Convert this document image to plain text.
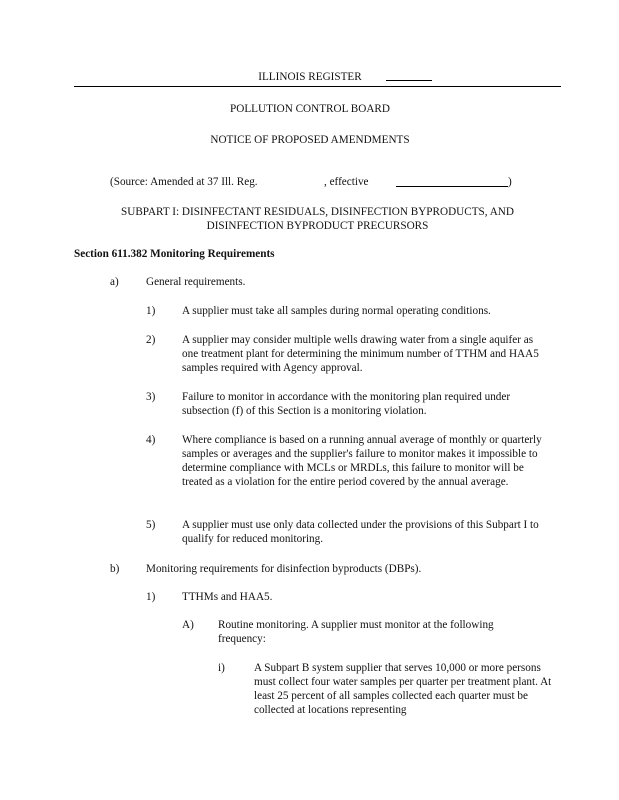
ILLINOIS REGISTER
POLLUTION CONTROL BOARD
NOTICE OF PROPOSED AMENDMENTS
(Source: Amended at 37 Ill. Reg.	, effective	)
SUBPART I: DISINFECTANT RESIDUALS, DISINFECTION BYPRODUCTS, AND
DISINFECTION BYPRODUCT PRECURSORS
Section 611.382 Monitoring Requirements
a) General requirements.
1) A supplier must take all samples during normal operating conditions.
2) A supplier may consider multiple wells drawing water from a single aquifer as one treatment plant for determining the minimum number of TTHM and HAA5 samples required with Agency approval.
3) Failure to monitor in accordance with the monitoring plan required under subsection (f) of this Section is a monitoring violation.
4) Where compliance is based on a running annual average of monthly or quarterly samples or averages and the supplier's failure to monitor makes it impossible to determine compliance with MCLs or MRDLs, this failure to monitor will be treated as a violation for the entire period covered by the annual average.
5) A supplier must use only data collected under the provisions of this Subpart I to qualify for reduced monitoring.
b) Monitoring requirements for disinfection byproducts (DBPs).
1) TTHMs and HAA5.
A) Routine monitoring. A supplier must monitor at the following frequency:
i)	A Subpart B system supplier that serves 10,000 or more persons must collect four water samples per quarter per treatment plant. At least 25 percent of all samples collected each quarter must be collected at locations representing
